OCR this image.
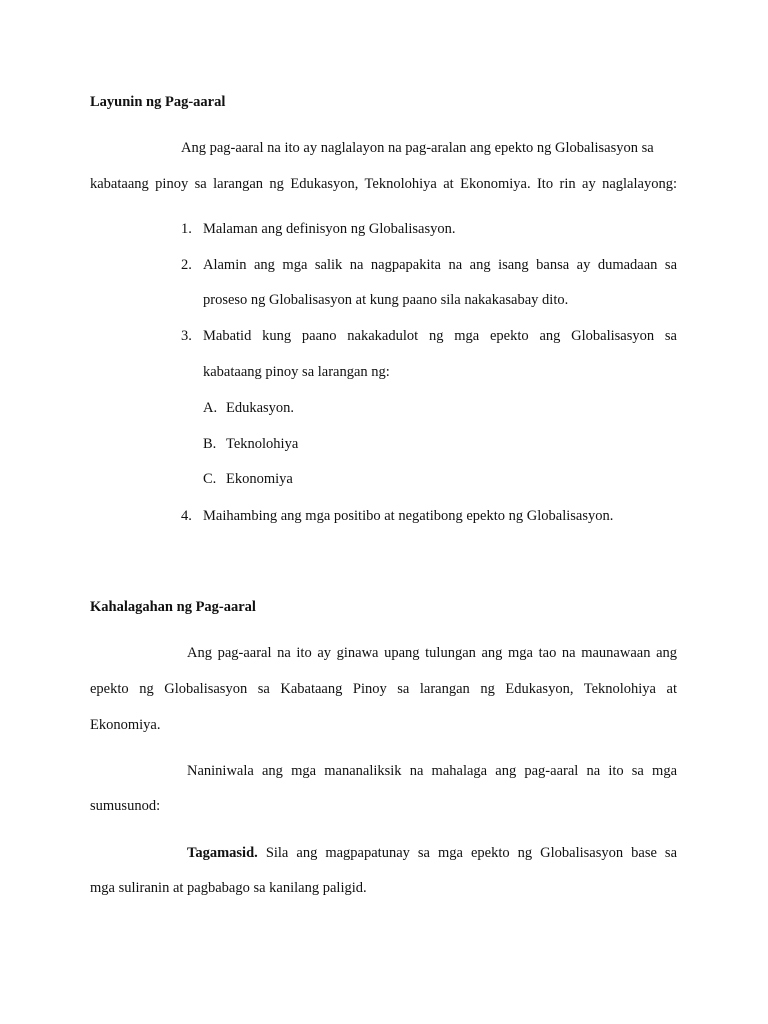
Layunin ng Pag-aaral
Ang pag-aaral na ito ay naglalayon na pag-aralan ang epekto ng Globalisasyon sa
kabataang pinoy sa larangan ng Edukasyon, Teknolohiya at Ekonomiya. Ito rin ay naglalayong:
1. Malaman ang definisyon ng Globalisasyon.
2. Alamin ang mga salik na nagpapakita na ang isang bansa ay dumadaan sa
proseso ng Globalisasyon at kung paano sila nakakasabay dito.
3. Mabatid kung paano nakakadulot ng mga epekto ang Globalisasyon sa
kabataang pinoy sa larangan ng:
A. Edukasyon.
B. Teknolohiya
C. Ekonomiya
4. Maihambing ang mga positibo at negatibong epekto ng Globalisasyon.
Kahalagahan ng Pag-aaral
Ang pag-aaral na ito ay ginawa upang tulungan ang mga tao na maunawaan ang
epekto ng Globalisasyon sa Kabataang Pinoy sa larangan ng Edukasyon, Teknolohiya at
Ekonomiya.
Naniniwala ang mga mananaliksik na mahalaga ang pag-aaral na ito sa mga
sumusunod:
Tagamasid. Sila ang magpapatunay sa mga epekto ng Globalisasyon base sa
mga suliranin at pagbabago sa kanilang paligid.
